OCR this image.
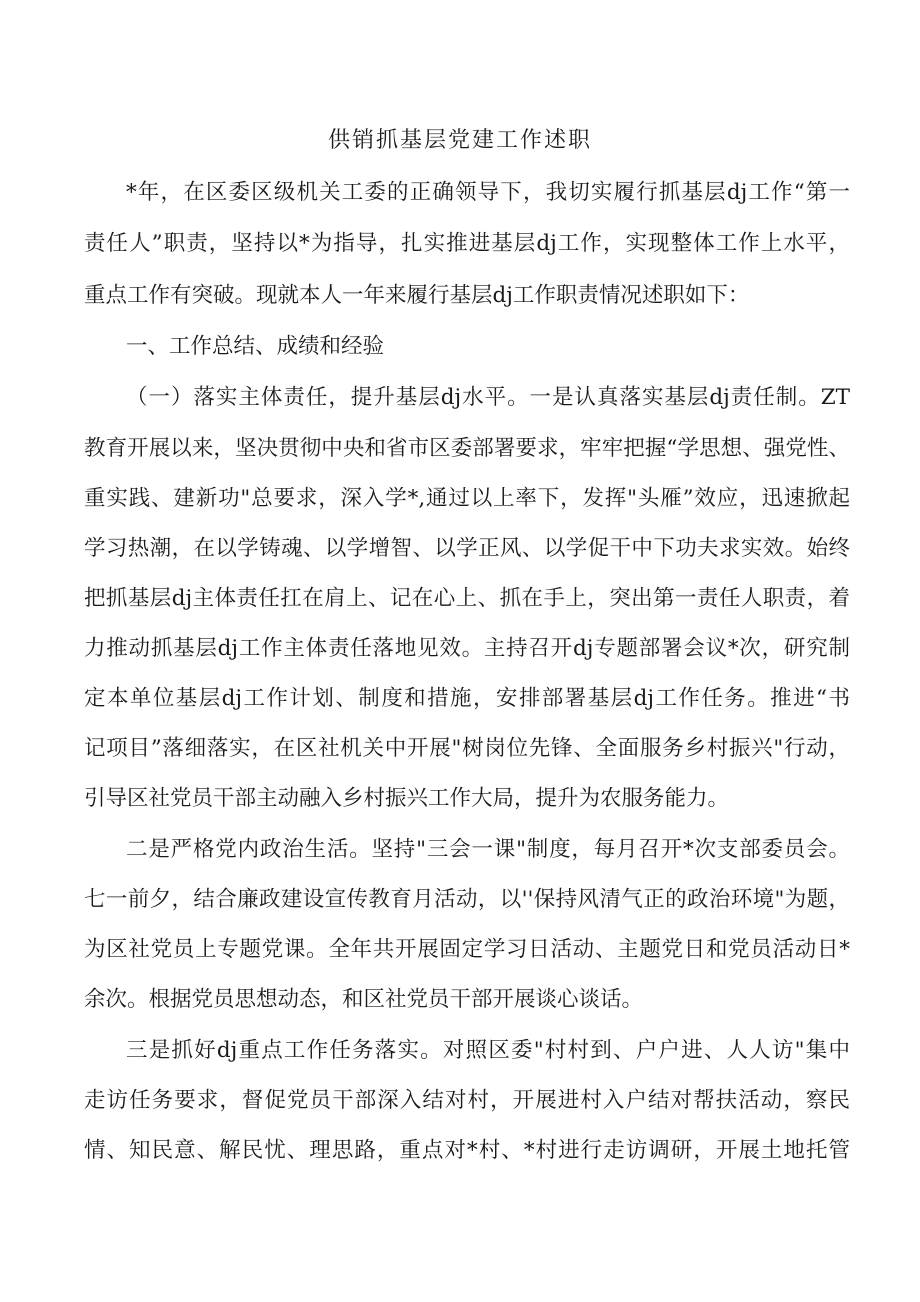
供销抓基层党建工作述职

*年，在区委区级机关工委的正确领导下，我切实履行抓基层dj工作“第一

责任人”职责，坚持以*为指导，扎实推进基层dj工作，实现整体工作上水平，

重点工作有突破。现就本人一年来履行基层dj工作职责情况述职如下：

一、工作总结、成绩和经验

（一）落实主体责任，提升基层dj水平。一是认真落实基层dj责任制。ZT

教育开展以来，坚决贯彻中央和省市区委部署要求，牢牢把握“学思想、强党性、

重实践、建新功"总要求，深入学*,通过以上率下，发挥"头雁”效应，迅速掀起

学习热潮，在以学铸魂、以学增智、以学正风、以学促干中下功夫求实效。始终

把抓基层dj主体责任扛在肩上、记在心上、抓在手上，突出第一责任人职责，着

力推动抓基层dj工作主体责任落地见效。主持召开dj专题部署会议*次，研究制

定本单位基层dj工作计划、制度和措施，安排部署基层dj工作任务。推进“书

记项目”落细落实，在区社机关中开展"树岗位先锋、全面服务乡村振兴"行动，

引导区社党员干部主动融入乡村振兴工作大局，提升为农服务能力。

二是严格党内政治生活。坚持"三会一课"制度，每月召开*次支部委员会。

七一前夕，结合廉政建设宣传教育月活动，以''保持风清气正的政治环境"为题，

为区社党员上专题党课。全年共开展固定学习日活动、主题党日和党员活动日*

余次。根据党员思想动态，和区社党员干部开展谈心谈话。

三是抓好dj重点工作任务落实。对照区委"村村到、户户进、人人访"集中

走访任务要求，督促党员干部深入结对村，开展进村入户结对帮扶活动，察民

情、知民意、解民忧、理思路，重点对*村、*村进行走访调研，开展土地托管
